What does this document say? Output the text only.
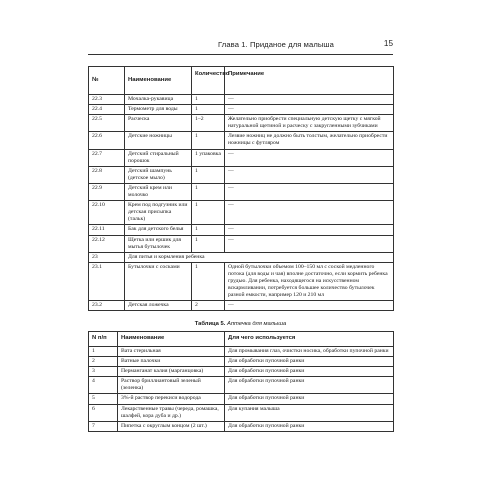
Глава 1. Приданое для малыша	15
№	Наименование	Количество	Примечание
22.3	Мочалка-рукавица	1	—
22.4	Термометр для воды	1	—
22.5	Расческа	1–2	Желательно приобрести специальную детскую щетку с мягкой натуральной щетиной и расческу с закругленными зубчиками
22.6	Детские ножницы	1	Лезвие ножниц не должно быть толстым, желательно приобрести ножницы с футляром
22.7	Детский стиральный порошок	1 упаковка	—
22.8	Детский шампунь (детское мыло)	1	—
22.9	Детский крем или молочко	1	—
22.10	Крем под подгузник или детская присыпка (тальк)	1	—
22.11	Бак для детского белья	1	—
22.12	Щетка или ершик для мытья бутылочек	1	—
23	Для питья и кормления ребенка		
23.1	Бутылочки с сосками	1	Одной бутылочки объемом 100–150 мл с соской медленного потока (для воды и чая) вполне достаточно, если кормить ребенка грудью. Для ребенка, находящегося на искусственном вскармливании, потребуется большее количество бутылочек разной емкости, например 120 и 210 мл
23.2	Детская ложечка	2	—
Таблица 5. Аптечка для малыша
N п/п	Наименование	Для чего используется
1	Вата стерильная	Для промывания глаз, очистки носика, обработки пупочной ранки
2	Ватные палочки	Для обработки пупочной ранки
3	Перманганат калия (марганцовка)	Для обработки пупочной ранки
4	Раствор бриллиантовый зеленый (зеленка)	Для обработки пупочной ранки
5	3%-й раствор перекиси водорода	Для обработки пупочной ранки
6	Лекарственные травы (череда, ромашка, шалфей, кора дуба и др.)	Для купания малыша
7	Пипетка с округлым концом (2 шт.)	Для обработки пупочной ранки
